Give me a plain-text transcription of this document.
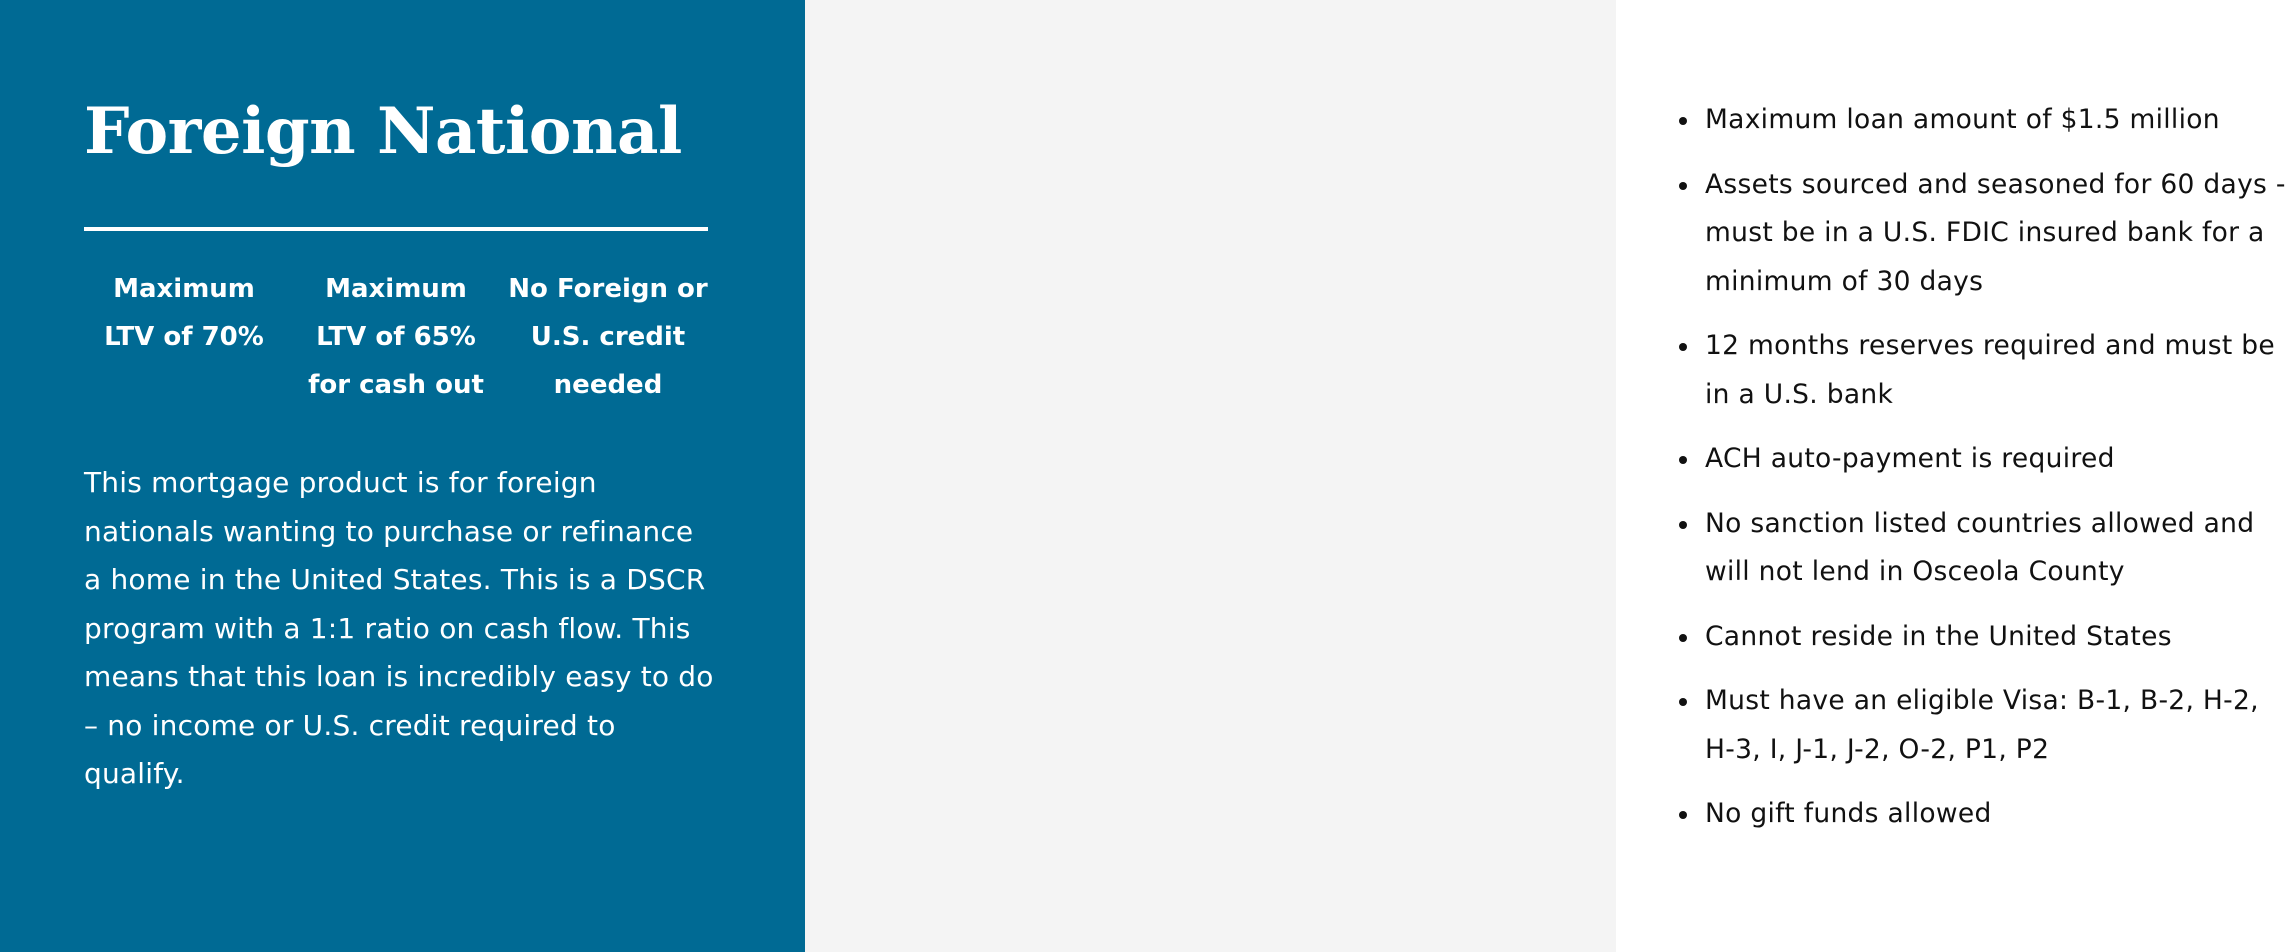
Foreign National
Maximum
LTV of 70%
Maximum
LTV of 65%
for cash out
No Foreign or
U.S. credit
needed

This mortgage product is for foreign nationals wanting to purchase or refinance a home in the United States. This is a DSCR program with a 1:1 ratio on cash flow. This means that this loan is incredibly easy to do – no income or U.S. credit required to qualify.

Maximum loan amount of $1.5 million
Assets sourced and seasoned for 60 days - must be in a U.S. FDIC insured bank for a minimum of 30 days
12 months reserves required and must be in a U.S. bank
ACH auto-payment is required
No sanction listed countries allowed and will not lend in Osceola County
Cannot reside in the United States
Must have an eligible Visa: B-1, B-2, H-2, H-3, I, J-1, J-2, O-2, P1, P2
No gift funds allowed
